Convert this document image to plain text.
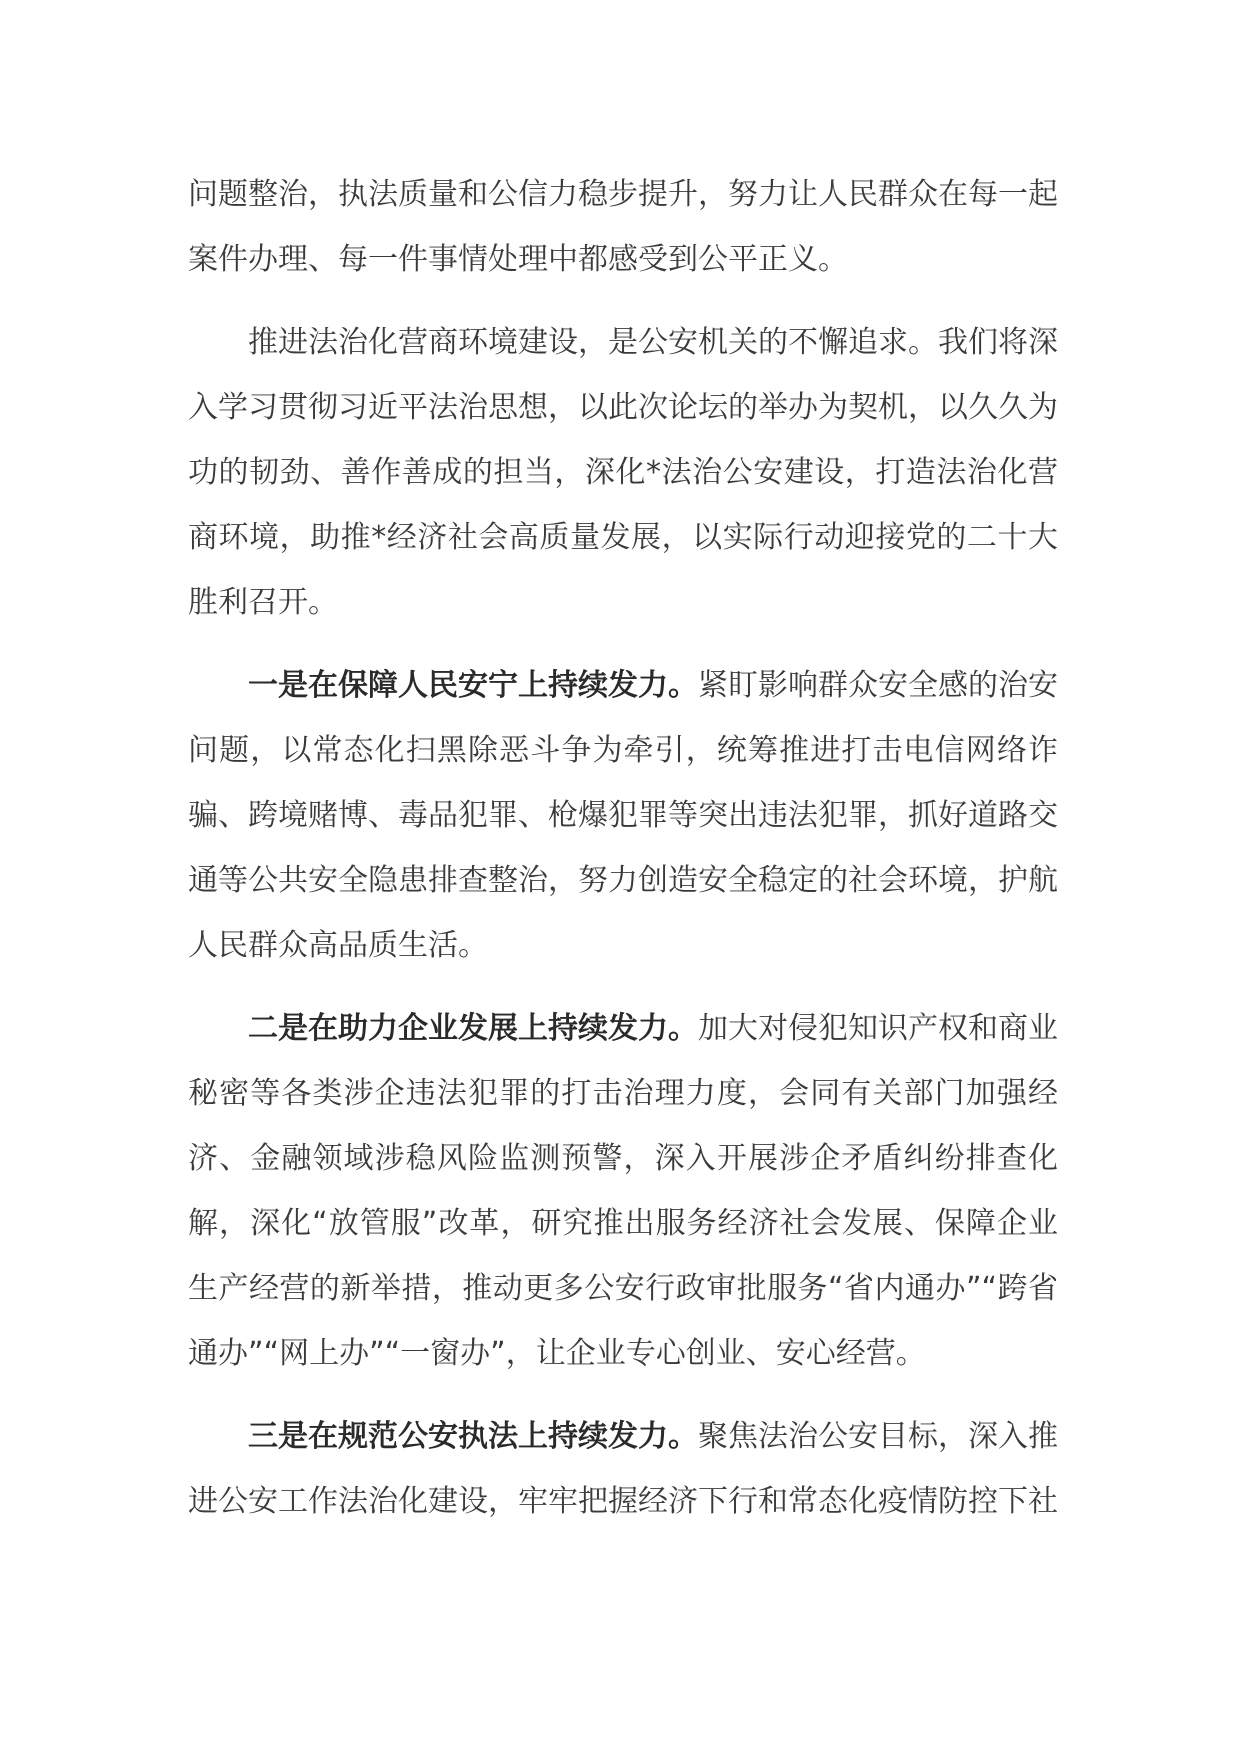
问题整治，执法质量和公信力稳步提升，努力让人民群众在每一起案件办理、每一件事情处理中都感受到公平正义。

推进法治化营商环境建设，是公安机关的不懈追求。我们将深入学习贯彻习近平法治思想，以此次论坛的举办为契机，以久久为功的韧劲、善作善成的担当，深化*法治公安建设，打造法治化营商环境，助推*经济社会高质量发展，以实际行动迎接党的二十大胜利召开。

一是在保障人民安宁上持续发力。紧盯影响群众安全感的治安问题，以常态化扫黑除恶斗争为牵引，统筹推进打击电信网络诈骗、跨境赌博、毒品犯罪、枪爆犯罪等突出违法犯罪，抓好道路交通等公共安全隐患排查整治，努力创造安全稳定的社会环境，护航人民群众高品质生活。

二是在助力企业发展上持续发力。加大对侵犯知识产权和商业秘密等各类涉企违法犯罪的打击治理力度，会同有关部门加强经济、金融领域涉稳风险监测预警，深入开展涉企矛盾纠纷排查化解，深化“放管服”改革，研究推出服务经济社会发展、保障企业生产经营的新举措，推动更多公安行政审批服务“省内通办”“跨省通办”“网上办”“一窗办”，让企业专心创业、安心经营。

三是在规范公安执法上持续发力。聚焦法治公安目标，深入推进公安工作法治化建设，牢牢把握经济下行和常态化疫情防控下社
